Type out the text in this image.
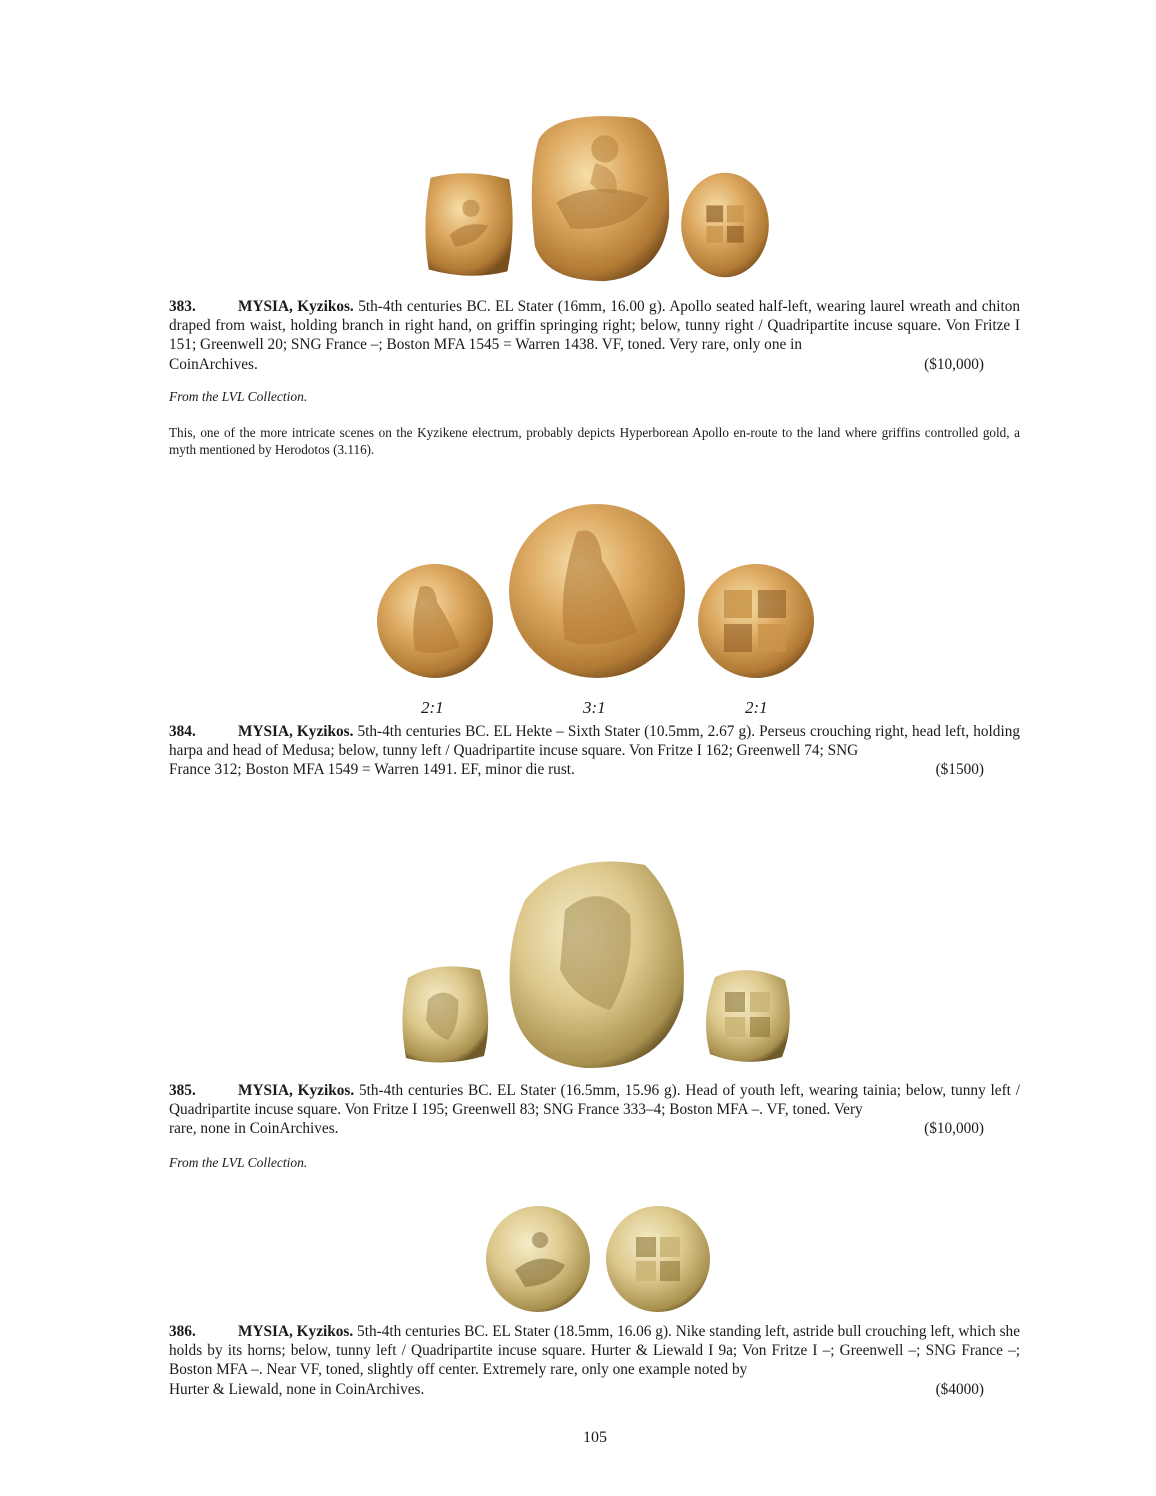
383.	MYSIA, Kyzikos. 5th-4th centuries BC. EL Stater (16mm, 16.00 g). Apollo seated half-left, wearing laurel wreath and chiton draped from waist, holding branch in right hand, on griffin springing right; below, tunny right / Quadripartite incuse square. Von Fritze I 151; Greenwell 20; SNG France –; Boston MFA 1545 = Warren 1438. VF, toned. Very rare, only one in
CoinArchives.	($10,000)
From the LVL Collection.
This, one of the more intricate scenes on the Kyzikene electrum, probably depicts Hyperborean Apollo en-route to the land where griffins controlled gold, a myth mentioned by Herodotos (3.116).
2:1	3:1	2:1
384.	MYSIA, Kyzikos. 5th-4th centuries BC. EL Hekte – Sixth Stater (10.5mm, 2.67 g). Perseus crouching right, head left, holding harpa and head of Medusa; below, tunny left / Quadripartite incuse square. Von Fritze I 162; Greenwell 74; SNG
France 312; Boston MFA 1549 = Warren 1491. EF, minor die rust.	($1500)
385.	MYSIA, Kyzikos. 5th-4th centuries BC. EL Stater (16.5mm, 15.96 g). Head of youth left, wearing tainia; below, tunny left / Quadripartite incuse square. Von Fritze I 195; Greenwell 83; SNG France 333–4; Boston MFA –. VF, toned. Very
rare, none in CoinArchives.	($10,000)
From the LVL Collection.
386.	MYSIA, Kyzikos. 5th-4th centuries BC. EL Stater (18.5mm, 16.06 g). Nike standing left, astride bull crouching left, which she holds by its horns; below, tunny left / Quadripartite incuse square. Hurter & Liewald I 9a; Von Fritze I –; Greenwell –; SNG France –; Boston MFA –. Near VF, toned, slightly off center. Extremely rare, only one example noted by
Hurter & Liewald, none in CoinArchives.	($4000)
105
